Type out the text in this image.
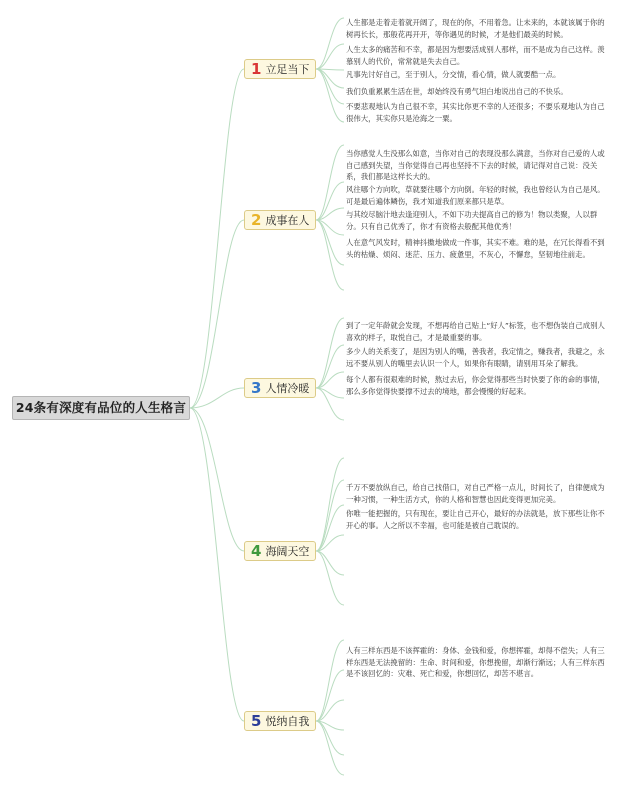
24条有深度有品位的人生格言
1 立足当下
人生都是走着走着就开阔了，现在的你，不用着急。让未来的，本就该属于你的树再长长，那般花再开开，等你遇见的时候，才是他们最美的时候。
人生太多的痛苦和不幸，都是因为想要活成别人那样，而不是成为自己这样。羡慕别人的代价，常常就是失去自己。
凡事先讨好自己，至于别人，分交情，看心情，做人就要酷一点。
我们负重累累生活在世，却始终没有勇气坦白地说出自己的不快乐。
不要悲观地认为自己很不幸，其实比你更不幸的人还很多；不要乐观地认为自己很伟大，其实你只是沧海之一粟。
2 成事在人
当你感觉人生没那么如意，当你对自己的表现没那么满意，当你对自己爱的人或自己感到失望，当你觉得自己再也坚持不下去的时候，请记得对自己说：没关系，我们都是这样长大的。
风往哪个方向吹，草就要往哪个方向倒。年轻的时候，我也曾经认为自己是风。可是最后遍体鳞伤，我才知道我们原来都只是草。
与其绞尽脑汁地去逢迎别人，不如下功夫提高自己的修为！物以类聚，人以群分。只有自己优秀了，你才有资格去般配其他优秀！
人在意气风发时，精神抖擞地做成一件事，其实不难。难的是，在冗长得看不到头的枯燥、烦闷、迷茫、压力、疲惫里，不灰心，不懈怠，坚韧地往前走。
3 人情冷暖
到了一定年龄就会发现，不想再给自己贴上“好人”标签，也不想伪装自己成别人喜欢的样子，取悦自己，才是最重要的事。
多少人的关系变了，是因为别人的嘴，善我者，我定情之，赚我者，我避之，永远不要从别人的嘴里去认识一个人，如果你有眼睛，请别用耳朵了解我。
每个人都有很艰难的时候，熬过去后，你会觉得那些当时快要了你的命的事情，那么多你觉得快要撑不过去的境地，都会慢慢的好起来。
4 海阔天空
千万不要放纵自己，给自己找借口，对自己严格一点儿，时间长了，自律便成为一种习惯，一种生活方式，你的人格和智慧也因此变得更加完美。
你唯一能把握的，只有现在，要让自己开心，最好的办法就是，放下那些让你不开心的事。人之所以不幸福，也可能是被自己耽误的。
5 悦纳自我
人有三样东西是不该挥霍的：身体、金钱和爱，你想挥霍，却得不偿失；人有三样东西是无法挽留的：生命、时间和爱，你想挽留，却渐行渐远；人有三样东西是不该回忆的：灾难、死亡和爱，你想回忆，却苦不堪言。
